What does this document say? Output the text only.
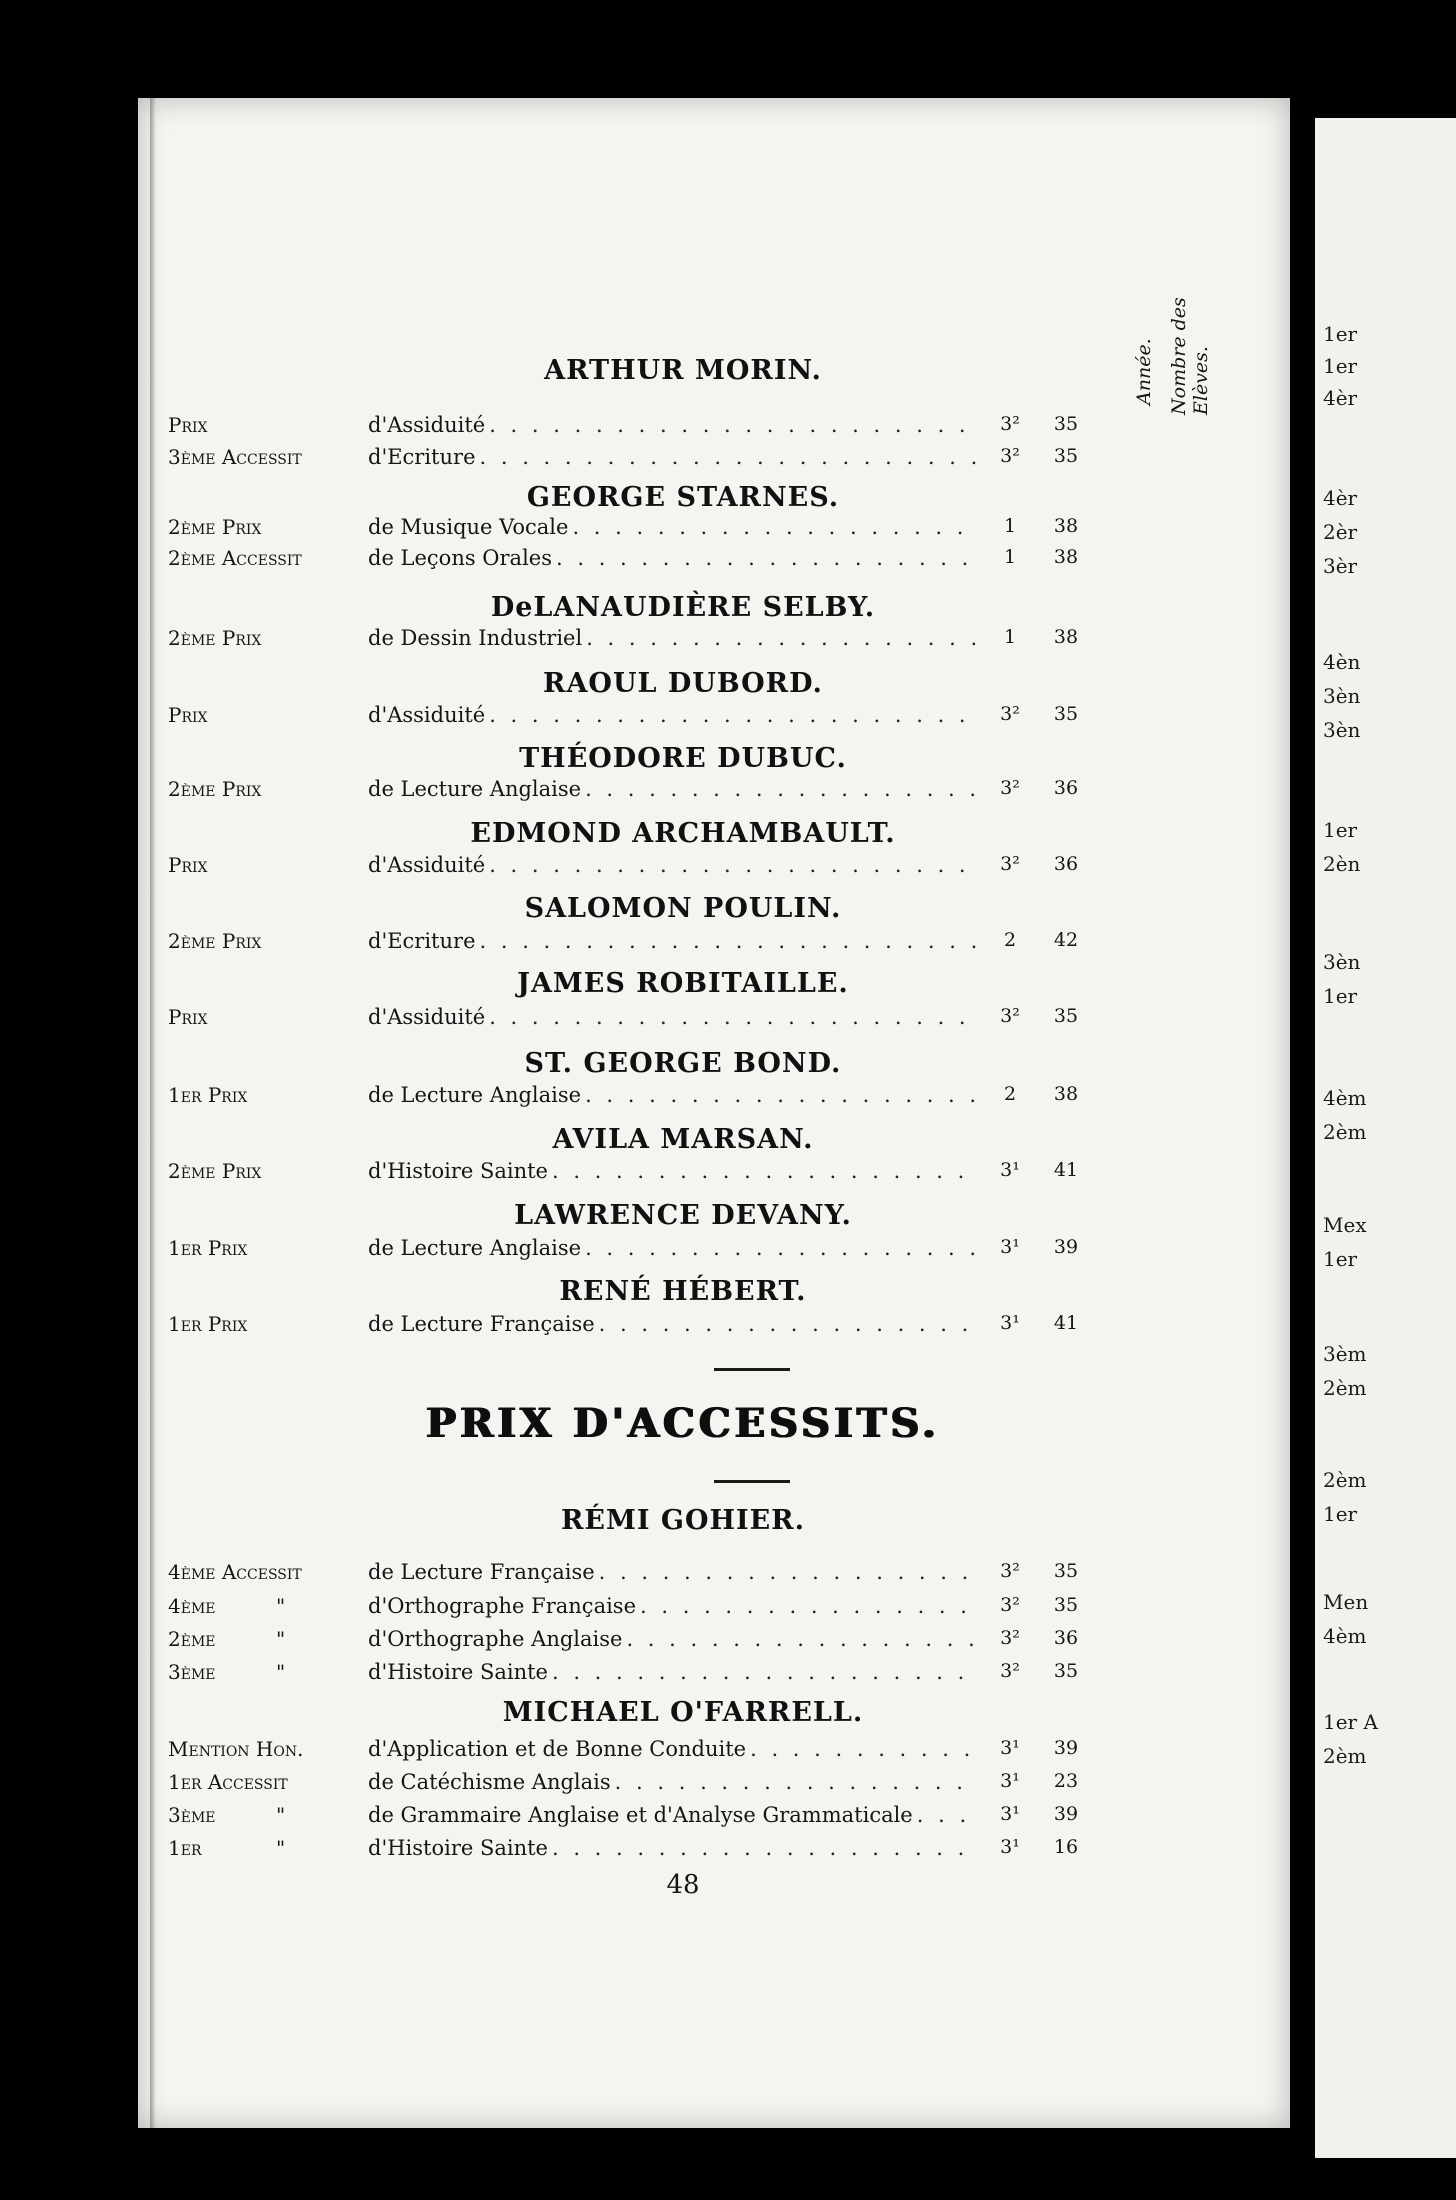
1er
1er
4èr
4èr
2èr
3èr
4èn
3èn
3èn
1er
2èn
3èn
1er
4èm
2èm
Mex
1er
3èm
2èm
2èm
1er
Men
4èm
1er A
2èm
Année. Nombre des Elèves.
ARTHUR MORIN.
Prix	d'Assiduité . . .	3²	35
3ème Accessit	d'Ecriture . . .	3²	35
GEORGE STARNES.
2ème Prix	de Musique Vocale . . .	1	38
2ème Accessit	de Leçons Orales . . .	1	38
DeLANAUDIÈRE SELBY.
2ème Prix	de Dessin Industriel . . .	1	38
RAOUL DUBORD.
Prix	d'Assiduité . . .	3²	35
THÉODORE DUBUC.
2ème Prix	de Lecture Anglaise . . .	3²	36
EDMOND ARCHAMBAULT.
Prix	d'Assiduité . . .	3²	36
SALOMON POULIN.
2ème Prix	d'Ecriture . . .	2	42
JAMES ROBITAILLE.
Prix	d'Assiduité . . .	3²	35
ST. GEORGE BOND.
1er Prix	de Lecture Anglaise . . .	2	38
AVILA MARSAN.
2ème Prix	d'Histoire Sainte . . .	3¹	41
LAWRENCE DEVANY.
1er Prix	de Lecture Anglaise . . .	3¹	39
RENÉ HÉBERT.
1er Prix	de Lecture Française . . .	3¹	41
PRIX D'ACCESSITS.
RÉMI GOHIER.
4ème Accessit	de Lecture Française . . .	3²	35
4ème	"	d'Orthographe Française . . .	3²	35
2ème	"	d'Orthographe Anglaise . . .	3²	36
3ème	"	d'Histoire Sainte . . .	3²	35
MICHAEL O'FARRELL.
Mention Hon.	d'Application et de Bonne Conduite . . .	3¹	39
1er Accessit	de Catéchisme Anglais . . .	3¹	23
3ème	"	de Grammaire Anglaise et d'Analyse Grammaticale . . .	3¹	39
1er	"	d'Histoire Sainte . . .	3¹	16
48
